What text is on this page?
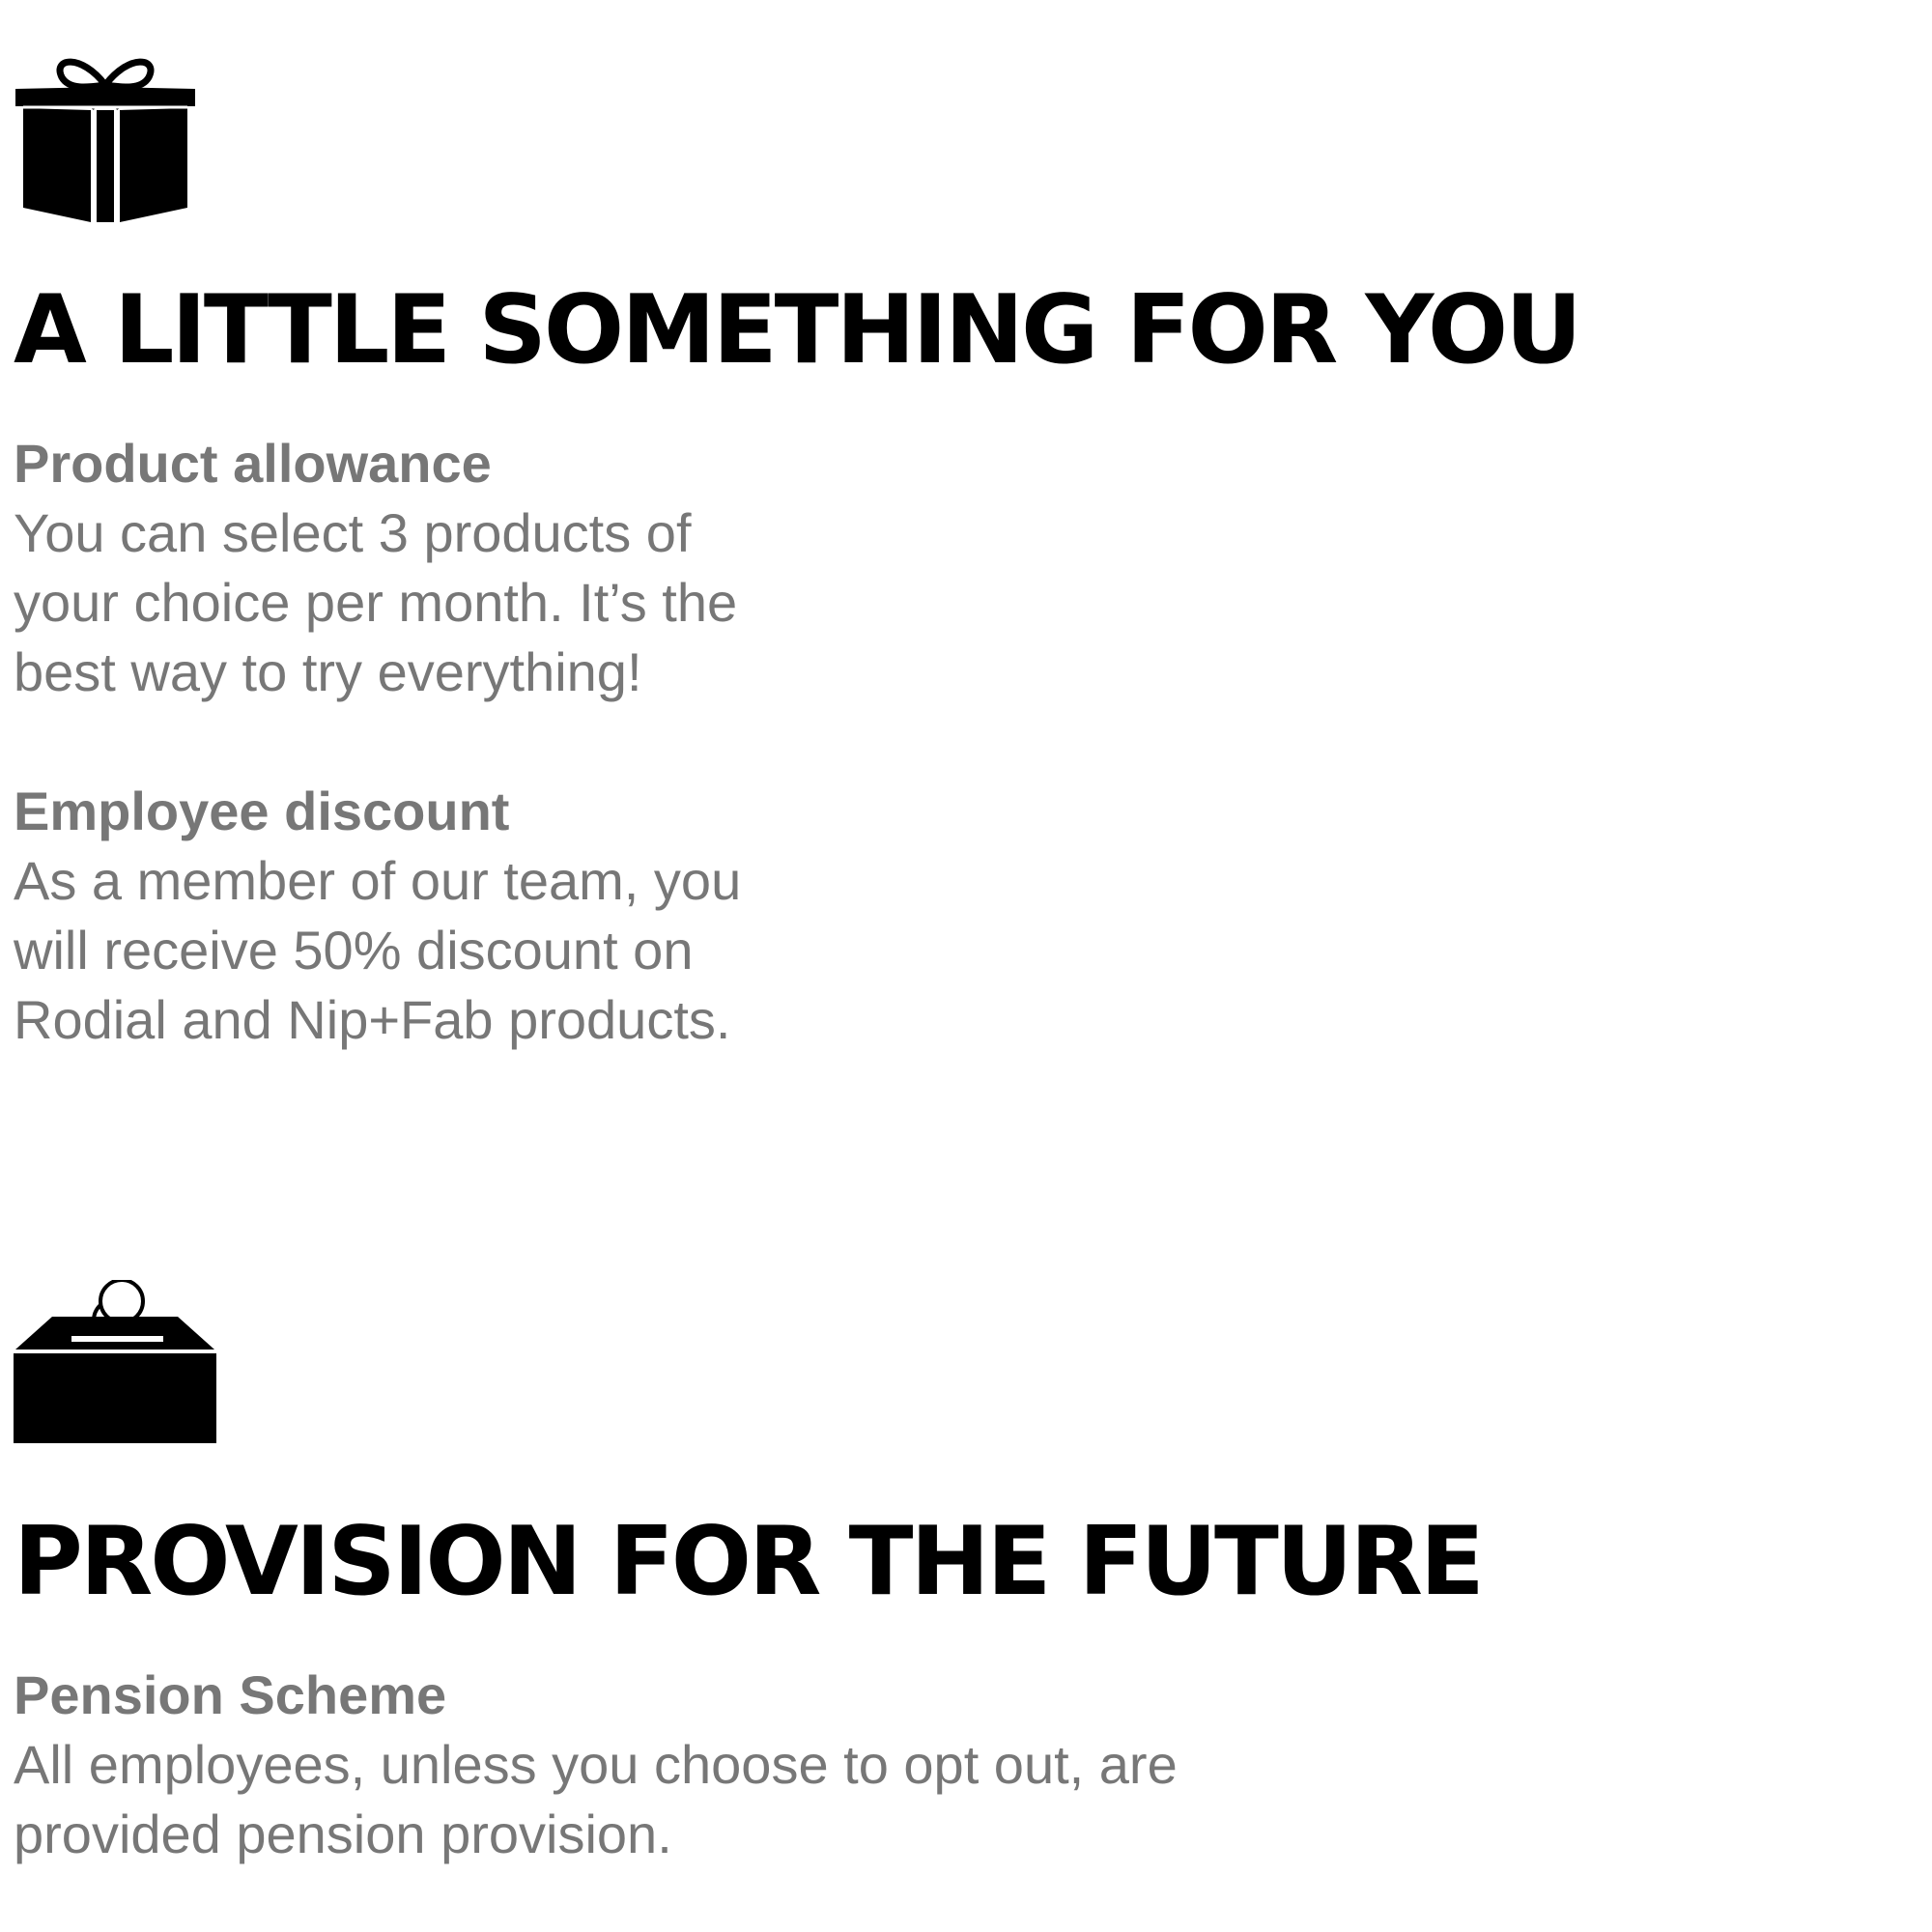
A LITTLE SOMETHING FOR YOU

Product allowance

You can select 3 products of
your choice per month. It’s the
best way to try everything!

Employee discount

As a member of our team, you
will receive 50% discount on
Rodial and Nip+Fab products.

PROVISION FOR THE FUTURE

Pension Scheme

All employees, unless you choose to opt out, are
provided pension provision.
